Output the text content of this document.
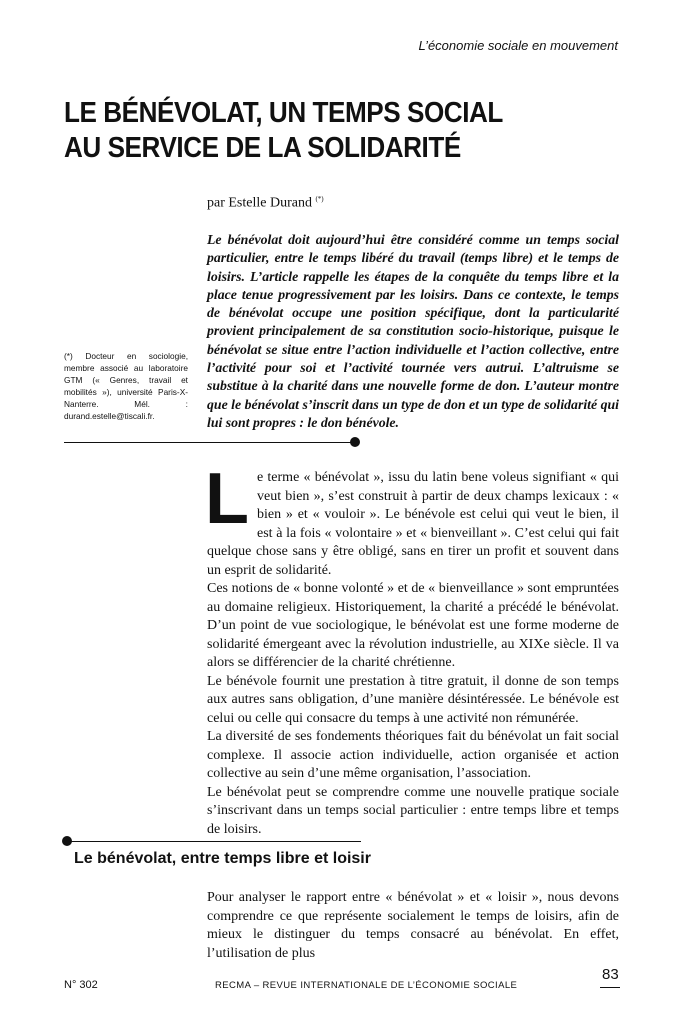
L’économie sociale en mouvement
LE BÉNÉVOLAT, UN TEMPS SOCIAL
AU SERVICE DE LA SOLIDARITÉ
par Estelle Durand (*)
Le bénévolat doit aujourd’hui être considéré comme un temps social particulier, entre le temps libéré du travail (temps libre) et le temps de loisirs. L’article rappelle les étapes de la conquête du temps libre et la place tenue progressivement par les loisirs. Dans ce contexte, le temps de bénévolat occupe une position spécifique, dont la particularité provient principalement de sa constitution socio-historique, puisque le bénévolat se situe entre l’action individuelle et l’action collective, entre l’activité pour soi et l’activité tournée vers autrui. L’altruisme se substitue à la charité dans une nouvelle forme de don. L’auteur montre que le bénévolat s’inscrit dans un type de don et un type de solidarité qui lui sont propres : le don bénévole.
(*) Docteur en sociologie, membre associé au laboratoire GTM (« Genres, travail et mobilités »), université Paris-X-Nanterre. Mél. : durand.estelle@tiscali.fr.
L e terme « bénévolat », issu du latin bene voleus signifiant « qui veut bien », s’est construit à partir de deux champs lexicaux : « bien » et « vouloir ». Le bénévole est celui qui veut le bien, il est à la fois « volontaire » et « bienveillant ». C’est celui qui fait quelque chose sans y être obligé, sans en tirer un profit et souvent dans un esprit de solidarité.

Ces notions de « bonne volonté » et de « bienveillance » sont empruntées au domaine religieux. Historiquement, la charité a précédé le bénévolat. D’un point de vue sociologique, le bénévolat est une forme moderne de solidarité émergeant avec la révolution industrielle, au XIXe siècle. Il va alors se différencier de la charité chrétienne.

Le bénévole fournit une prestation à titre gratuit, il donne de son temps aux autres sans obligation, d’une manière désintéressée. Le bénévole est celui ou celle qui consacre du temps à une activité non rémunérée.

La diversité de ses fondements théoriques fait du bénévolat un fait social complexe. Il associe action individuelle, action organisée et action collective au sein d’une même organisation, l’association.

Le bénévolat peut se comprendre comme une nouvelle pratique sociale s’inscrivant dans un temps social particulier : entre temps libre et temps de loisirs.

Le bénévolat, entre temps libre et loisir

Pour analyser le rapport entre « bénévolat » et « loisir », nous devons comprendre ce que représente socialement le temps de loisirs, afin de mieux le distinguer du temps consacré au bénévolat. En effet, l’utilisation de plus

N° 302	RECMA – REVUE INTERNATIONALE DE L’ÉCONOMIE SOCIALE
83
